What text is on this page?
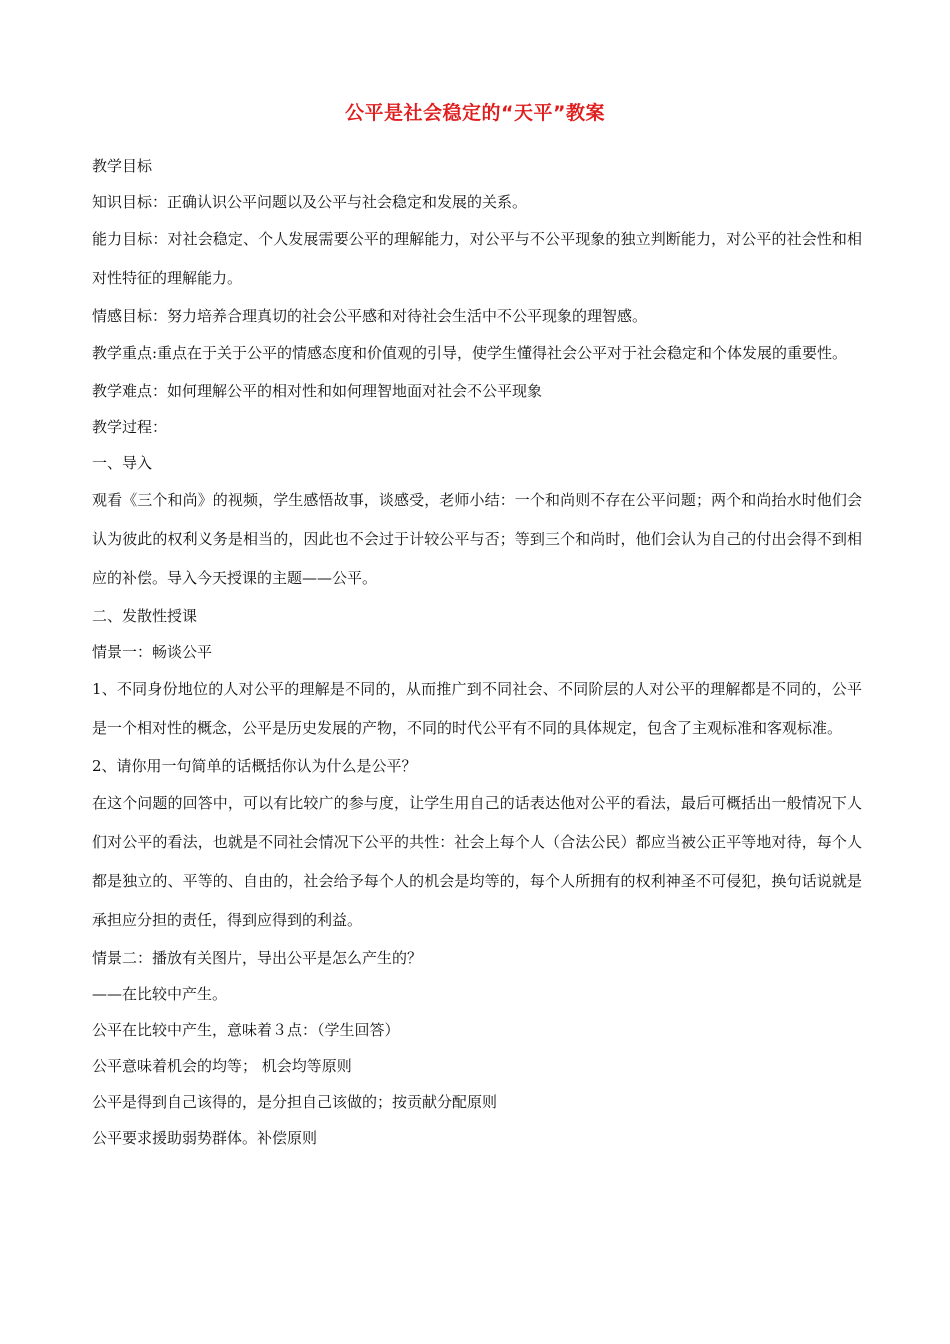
公平是社会稳定的“天平”教案

教学目标

知识目标：正确认识公平问题以及公平与社会稳定和发展的关系。

能力目标：对社会稳定、个人发展需要公平的理解能力，对公平与不公平现象的独立判断能力，对公平的社会性和相对性特征的理解能力。

情感目标：努力培养合理真切的社会公平感和对待社会生活中不公平现象的理智感。

教学重点:重点在于关于公平的情感态度和价值观的引导，使学生懂得社会公平对于社会稳定和个体发展的重要性。

教学难点：如何理解公平的相对性和如何理智地面对社会不公平现象

教学过程：

一、导入

观看《三个和尚》的视频，学生感悟故事，谈感受，老师小结：一个和尚则不存在公平问题；两个和尚抬水时他们会认为彼此的权利义务是相当的，因此也不会过于计较公平与否；等到三个和尚时，他们会认为自己的付出会得不到相应的补偿。导入今天授课的主题——公平。

二、发散性授课

情景一：畅谈公平

1、不同身份地位的人对公平的理解是不同的，从而推广到不同社会、不同阶层的人对公平的理解都是不同的，公平是一个相对性的概念，公平是历史发展的产物，不同的时代公平有不同的具体规定，包含了主观标准和客观标准。

2、请你用一句简单的话概括你认为什么是公平？

在这个问题的回答中，可以有比较广的参与度，让学生用自己的话表达他对公平的看法，最后可概括出一般情况下人们对公平的看法，也就是不同社会情况下公平的共性：社会上每个人（合法公民）都应当被公正平等地对待，每个人都是独立的、平等的、自由的，社会给予每个人的机会是均等的，每个人所拥有的权利神圣不可侵犯，换句话说就是承担应分担的责任，得到应得到的利益。

情景二：播放有关图片，导出公平是怎么产生的？

——在比较中产生。

公平在比较中产生，意味着３点：（学生回答）

公平意味着机会的均等； 机会均等原则

公平是得到自己该得的，是分担自己该做的；按贡献分配原则

公平要求援助弱势群体。补偿原则
